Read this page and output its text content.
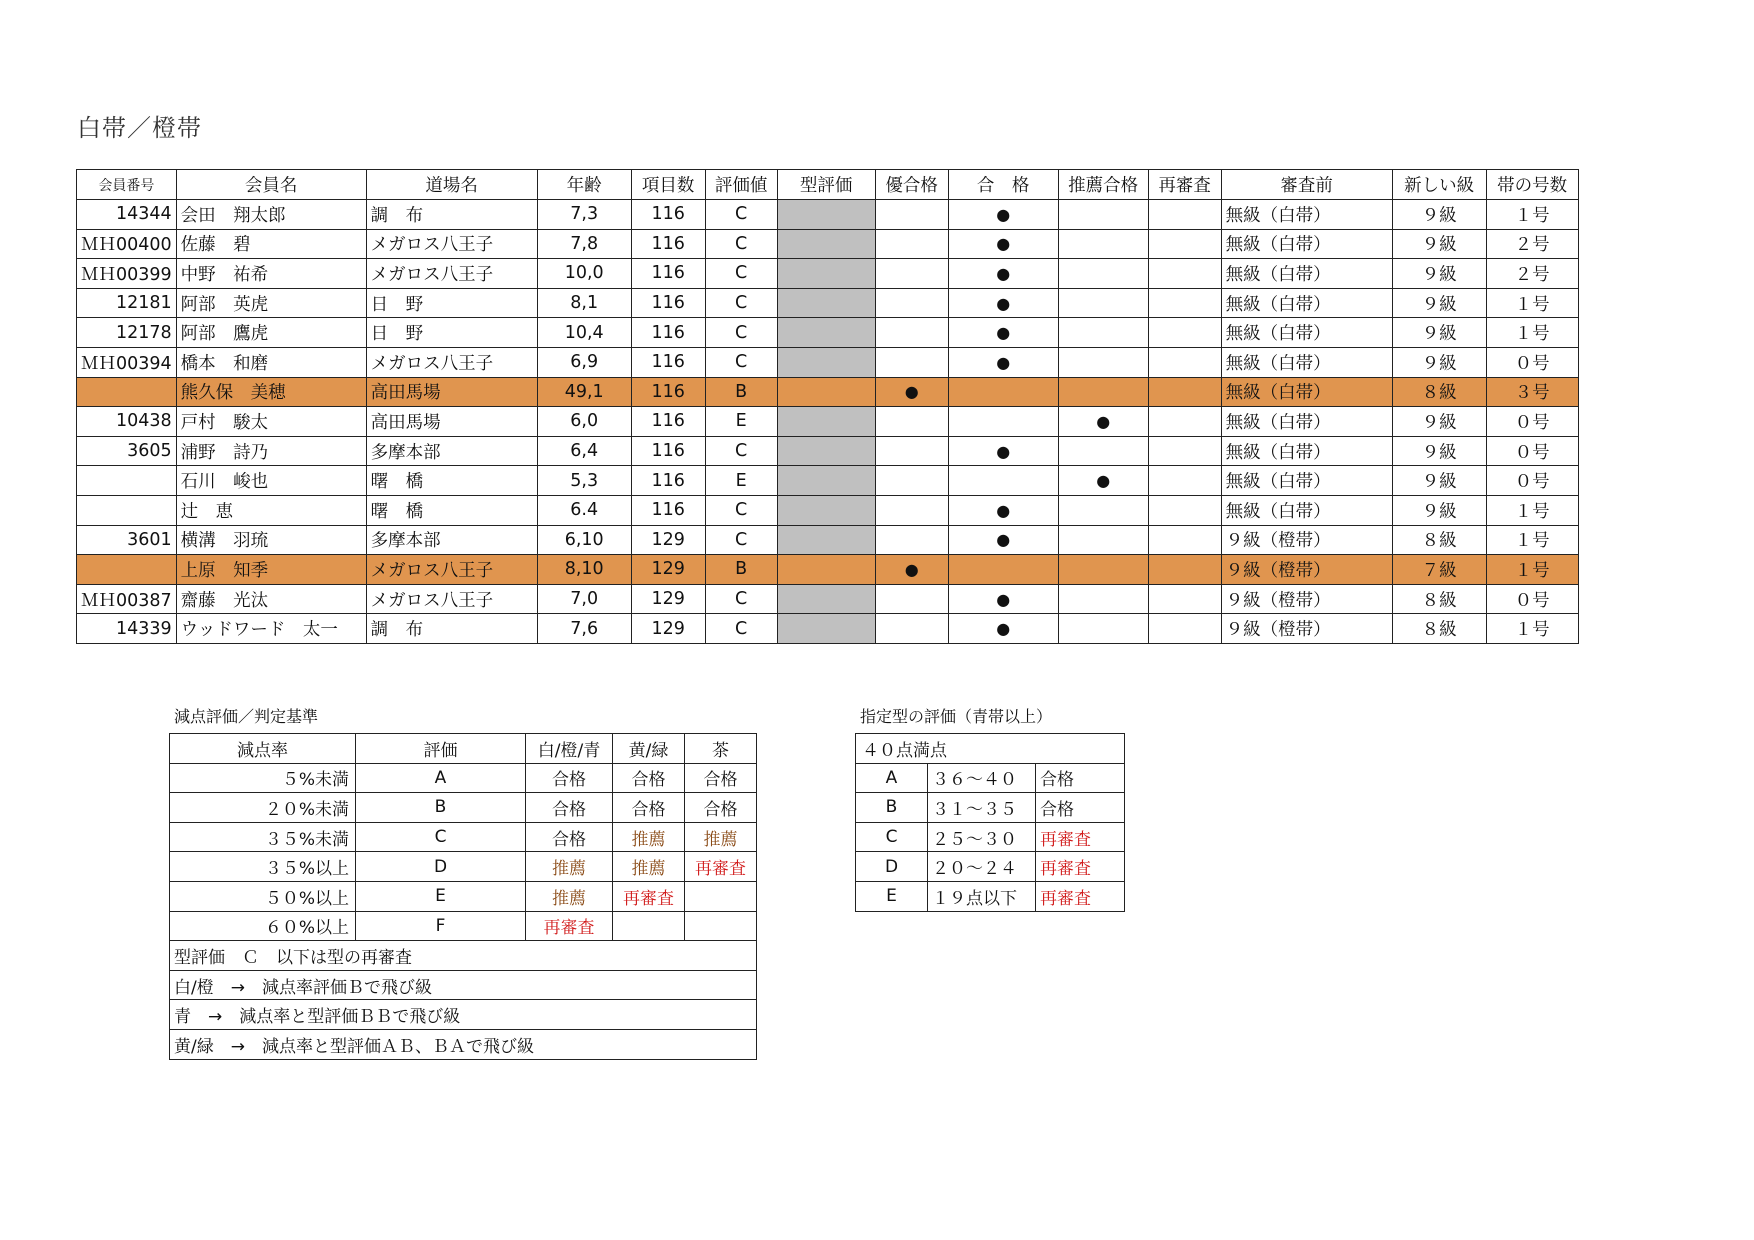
白帯／橙帯
会員番号	会員名	道場名	年齢	項目数	評価値	型評価	優合格	合　格	推薦合格	再審査	審査前	新しい級	帯の号数
14344	会田　翔太郎	調　布	7,3	116	C			●			無級（白帯）	９級	１号
ＭＨ00400	佐藤　碧	メガロス八王子	7,8	116	C			●			無級（白帯）	９級	２号
ＭＨ00399	中野　祐希	メガロス八王子	10,0	116	C			●			無級（白帯）	９級	２号
12181	阿部　英虎	日　野	8,1	116	C			●			無級（白帯）	９級	１号
12178	阿部　鷹虎	日　野	10,4	116	C			●			無級（白帯）	９級	１号
ＭＨ00394	橋本　和磨	メガロス八王子	6,9	116	C			●			無級（白帯）	９級	０号
	熊久保　美穂	高田馬場	49,1	116	B		●				無級（白帯）	８級	３号
10438	戸村　駿太	高田馬場	6,0	116	E				●		無級（白帯）	９級	０号
3605	浦野　詩乃	多摩本部	6,4	116	C			●			無級（白帯）	９級	０号
	石川　峻也	曙　橋	5,3	116	E				●		無級（白帯）	９級	０号
	辻　恵	曙　橋	6.4	116	C			●			無級（白帯）	９級	１号
3601	横溝　羽琉	多摩本部	6,10	129	C			●			９級（橙帯）	８級	１号
	上原　知季	メガロス八王子	8,10	129	B		●				９級（橙帯）	７級	１号
ＭＨ00387	齋藤　光汰	メガロス八王子	7,0	129	C			●			９級（橙帯）	８級	０号
14339	ウッドワード　太一	調　布	7,6	129	C			●			９級（橙帯）	８級	１号
減点評価／判定基準
減点率	評価	白/橙/青	黄/緑	茶
５%未満	A	合格	合格	合格
２０%未満	B	合格	合格	合格
３５%未満	C	合格	推薦	推薦
３５%以上	D	推薦	推薦	再審査
５０%以上	E	推薦	再審査	
６０%以上	F	再審査		
型評価　Ｃ　以下は型の再審査				
白/橙　→　減点率評価Ｂで飛び級				
青　→　減点率と型評価ＢＢで飛び級				
黄/緑　→　減点率と型評価ＡＢ、ＢＡで飛び級				
指定型の評価（青帯以上）
４０点満点		
A	３６～４０	合格
B	３１～３５	合格
C	２５～３０	再審査
D	２０～２４	再審査
E	１９点以下	再審査
